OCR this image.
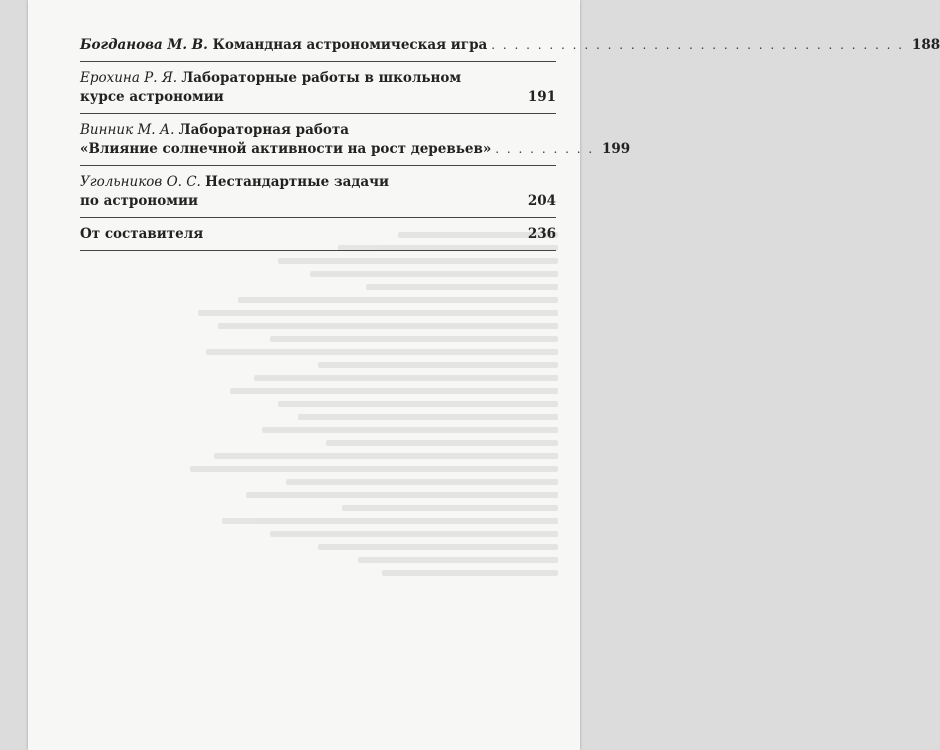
Богданова М. В. Командная астрономическая игра . . . . . . . . . . . . . . . . . . . . . . . . . . . . . . . . . . . . 188
Ерохина Р. Я. Лабораторные работы в школьном
курсе астрономии	191
Винник М. А. Лабораторная работа
«Влияние солнечной активности на рост деревьев» . . . . . . . . . 199
Угольников О. С. Нестандартные задачи
по астрономии	204
От составителя	236
